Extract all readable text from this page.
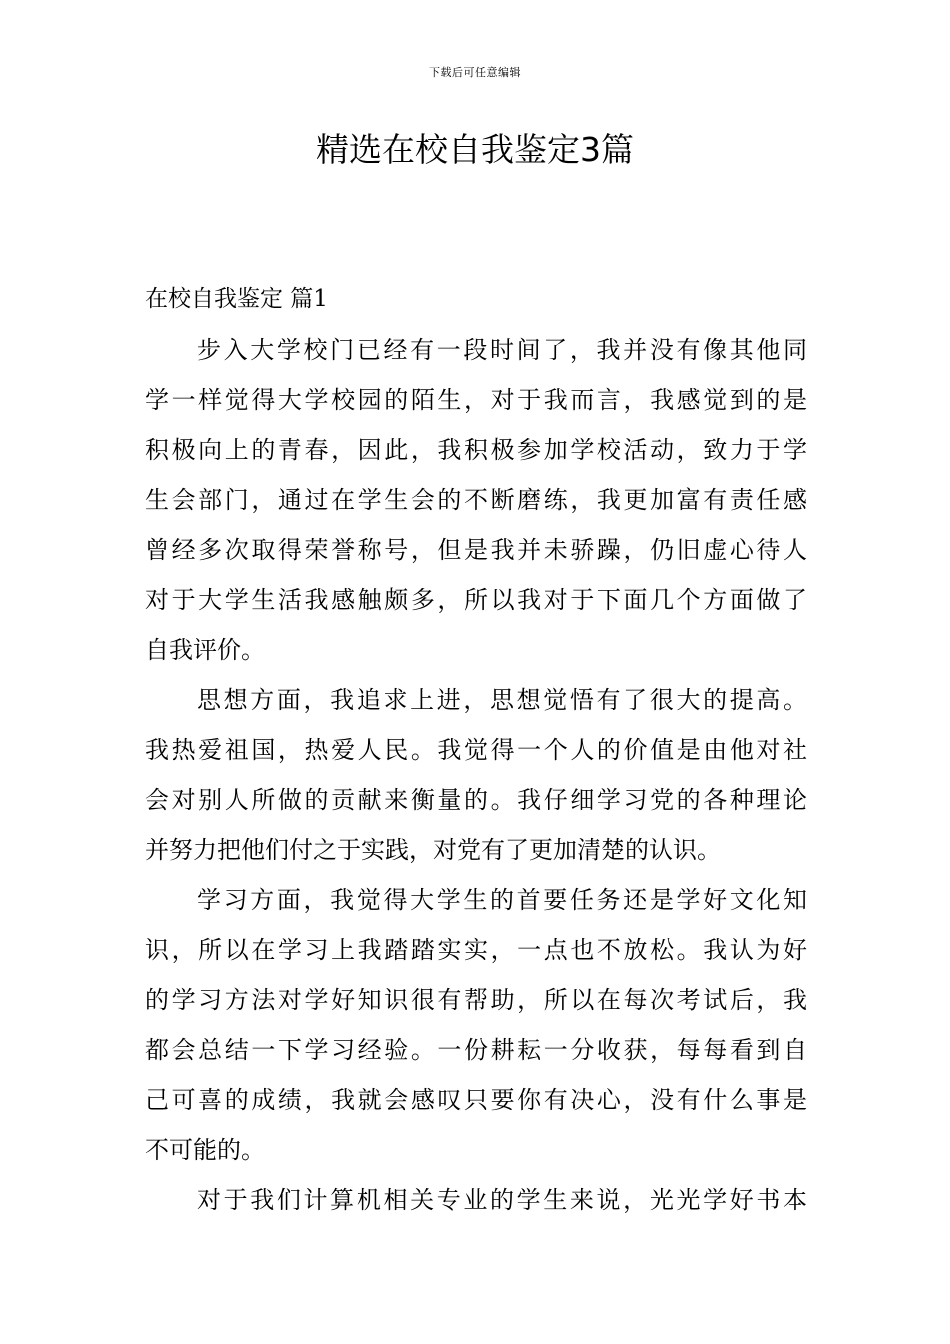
下载后可任意编辑
精选在校自我鉴定3篇
在校自我鉴定 篇1
步入大学校门已经有一段时间了，我并没有像其他同
学一样觉得大学校园的陌生，对于我而言，我感觉到的是
积极向上的青春，因此，我积极参加学校活动，致力于学
生会部门，通过在学生会的不断磨练，我更加富有责任感
曾经多次取得荣誉称号，但是我并未骄躁，仍旧虚心待人
对于大学生活我感触颇多，所以我对于下面几个方面做了
自我评价。
思想方面，我追求上进，思想觉悟有了很大的提高。
我热爱祖国，热爱人民。我觉得一个人的价值是由他对社
会对别人所做的贡献来衡量的。我仔细学习党的各种理论
并努力把他们付之于实践，对党有了更加清楚的认识。
学习方面，我觉得大学生的首要任务还是学好文化知
识，所以在学习上我踏踏实实，一点也不放松。我认为好
的学习方法对学好知识很有帮助，所以在每次考试后，我
都会总结一下学习经验。一份耕耘一分收获，每每看到自
己可喜的成绩，我就会感叹只要你有决心，没有什么事是
不可能的。
对于我们计算机相关专业的学生来说，光光学好书本
